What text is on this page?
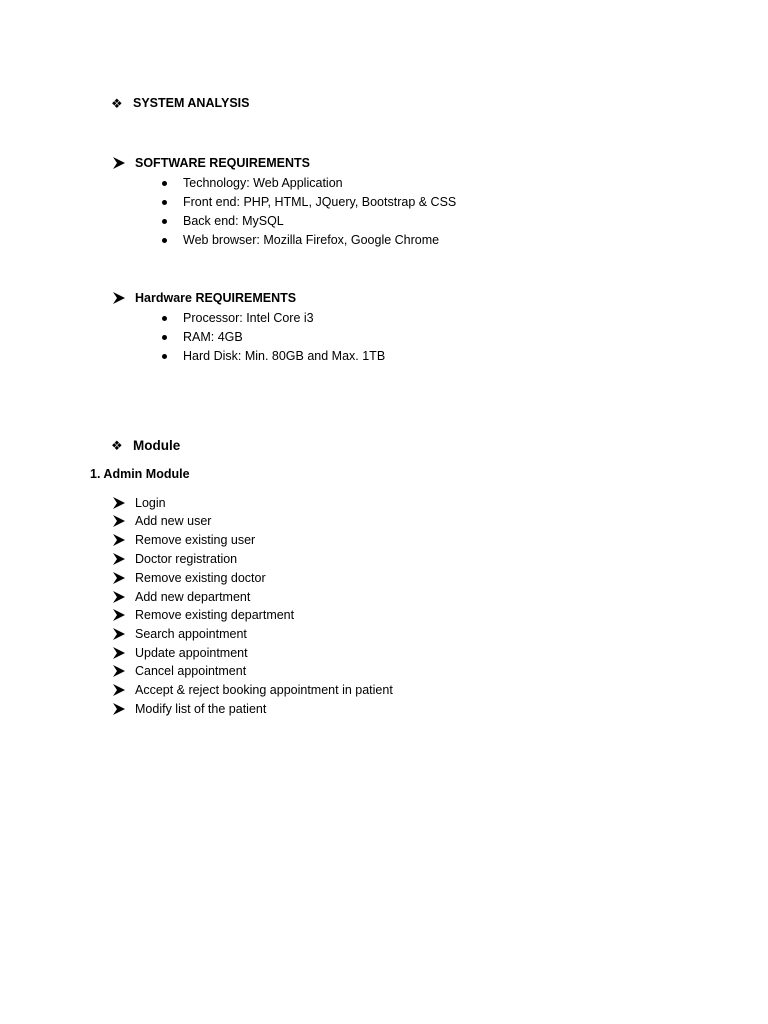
❖ SYSTEM ANALYSIS
SOFTWARE REQUIREMENTS
Technology: Web Application
Front end: PHP, HTML, JQuery, Bootstrap & CSS
Back end: MySQL
Web browser: Mozilla Firefox, Google Chrome
Hardware REQUIREMENTS
Processor: Intel Core i3
RAM: 4GB
Hard Disk: Min. 80GB and Max. 1TB
❖ Module
1. Admin Module
Login
Add new user
Remove existing user
Doctor registration
Remove existing doctor
Add new department
Remove existing department
Search appointment
Update appointment
Cancel appointment
Accept & reject booking appointment in patient
Modify list of the patient
